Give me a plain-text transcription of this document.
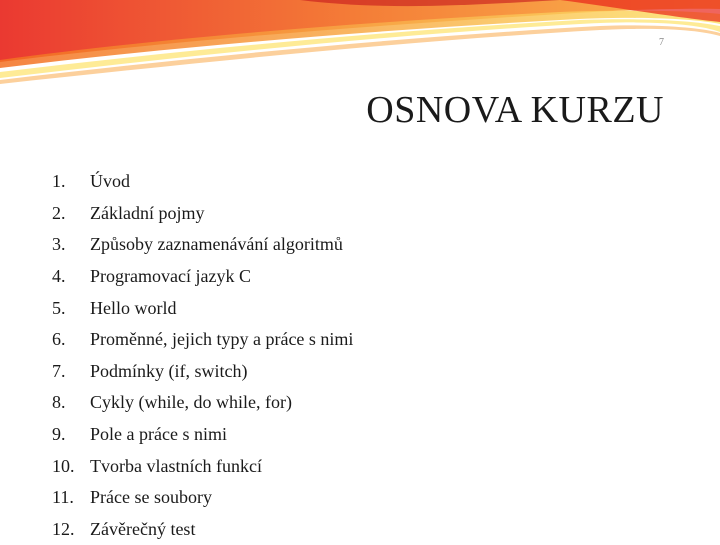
7
OSNOVA KURZU
1.	Úvod
2.	Základní pojmy
3.	Způsoby zaznamenávání algoritmů
4.	Programovací jazyk C
5.	Hello world
6.	Proměnné, jejich typy a práce s nimi
7.	Podmínky (if, switch)
8.	Cykly (while, do while, for)
9.	Pole a práce s nimi
10. Tvorba vlastních funkcí
11. Práce se soubory
12. Závěrečný test
